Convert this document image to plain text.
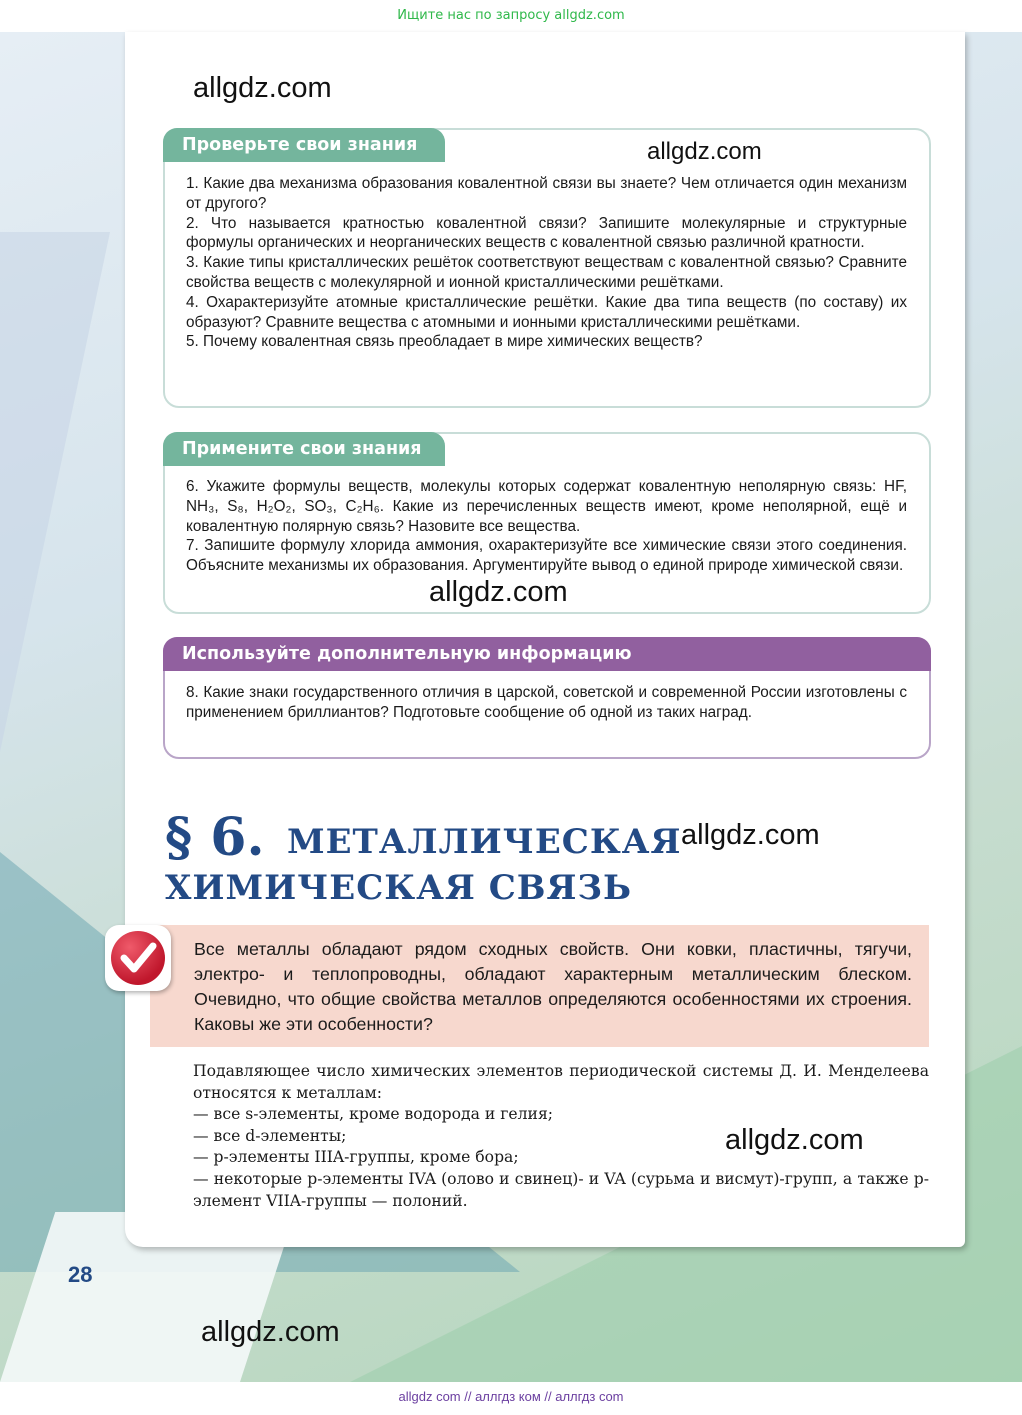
Ищите нас по запросу allgdz.com
allgdz.com
Проверьте свои знания

1. Какие два механизма образования ковалентной связи вы знаете? Чем отличается один механизм от другого?

2. Что называется кратностью ковалентной связи? Запишите молекулярные и структурные формулы органических и неорганических веществ с ковалентной связью различной кратности.

3. Какие типы кристаллических решёток соответствуют веществам с ковалентной связью? Сравните свойства веществ с молекулярной и ионной кристаллическими решётками.

4. Охарактеризуйте атомные кристаллические решётки. Какие два типа веществ (по составу) их образуют? Сравните вещества с атомными и ионными кристаллическими решётками.

5. Почему ковалентная связь преобладает в мире химических веществ?

allgdz.com
Примените свои знания

6. Укажите формулы веществ, молекулы которых содержат ковалентную неполярную связь: HF, NH₃, S₈, H₂O₂, SO₃, C₂H₆. Какие из перечисленных веществ имеют, кроме неполярной, ещё и ковалентную полярную связь? Назовите все вещества.

7. Запишите формулу хлорида аммония, охарактеризуйте все химические связи этого соединения. Объясните механизмы их образования. Аргументируйте вывод о единой природе химической связи.

allgdz.com
Используйте дополнительную информацию

8. Какие знаки государственного отличия в царской, советской и современной России изготовлены с применением бриллиантов? Подготовьте сообщение об одной из таких наград.

§ 6. МЕТАЛЛИЧЕСКАЯ
ХИМИЧЕСКАЯ СВЯЗЬ
allgdz.com
Все металлы обладают рядом сходных свойств. Они ковки, пластичны, тягучи, электро- и теплопроводны, обладают характерным металлическим блеском. Очевидно, что общие свойства металлов определяются особенностями их строения. Каковы же эти особенности?

Подавляющее число химических элементов периодической системы Д. И. Менделеева относятся к металлам:

— все s-элементы, кроме водорода и гелия;

— все d-элементы;

— p-элементы IIIA-группы, кроме бора;

— некоторые p-элементы IVA (олово и свинец)- и VA (сурьма и висмут)-групп, а также p-элемент VIIA-группы — полоний.

allgdz.com
28
allgdz.com
allgdz com // аллгдз ком // аллгдз com
